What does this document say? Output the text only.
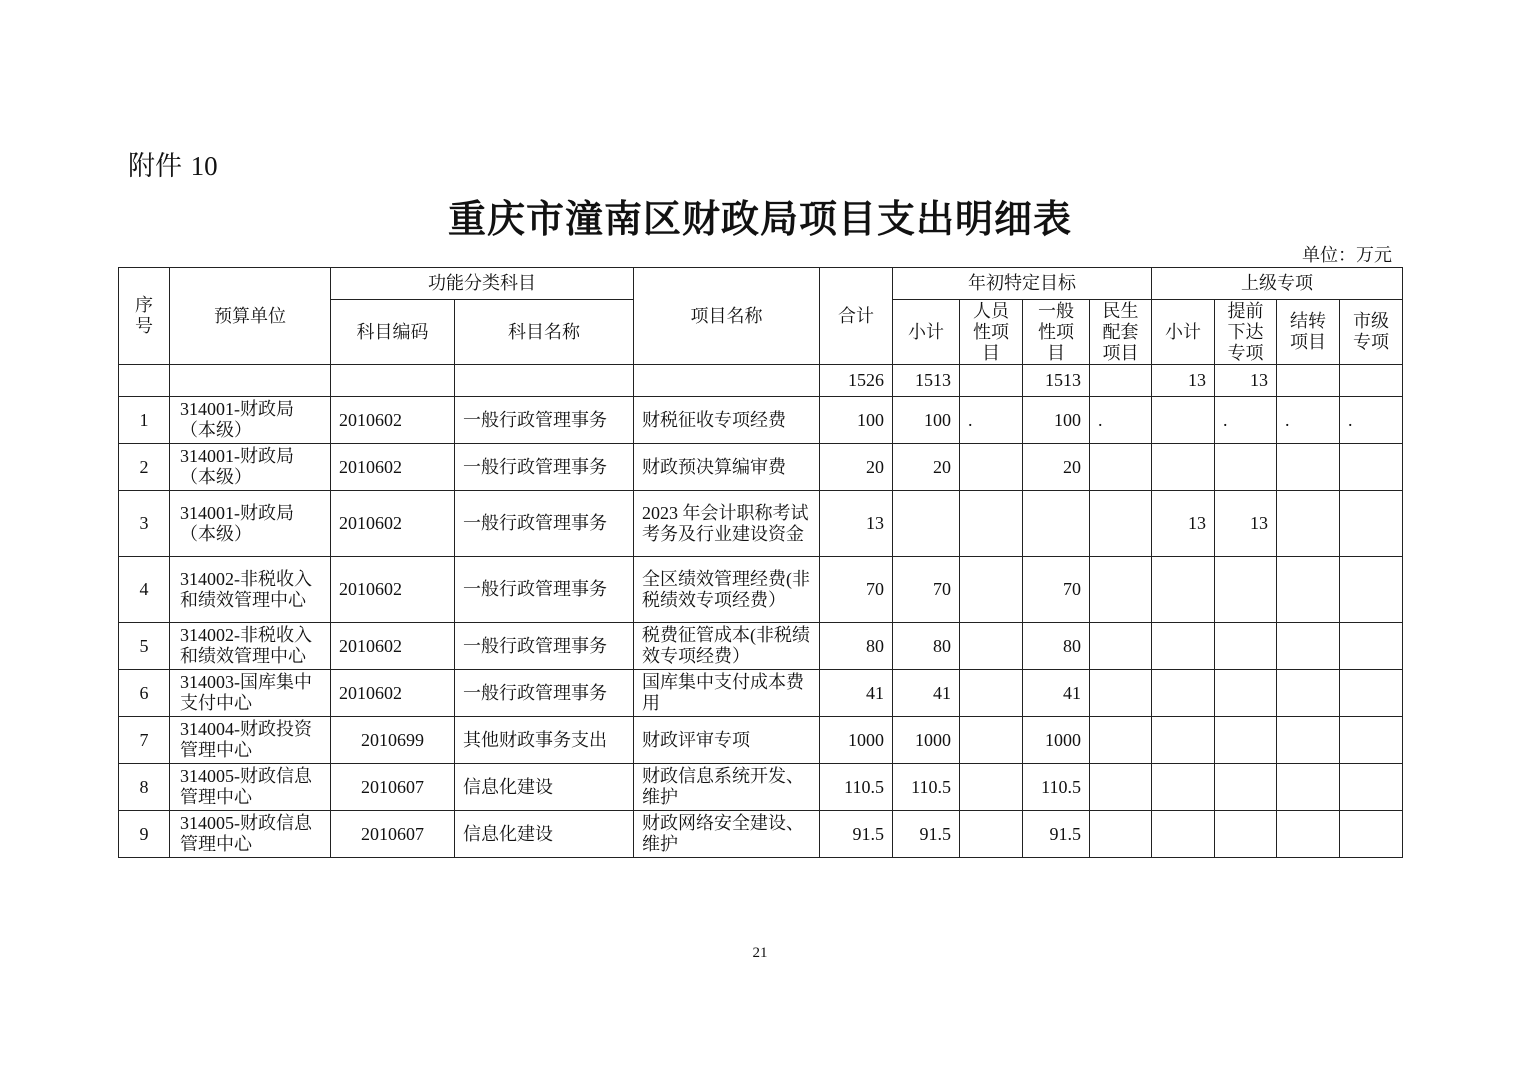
附件 10
重庆市潼南区财政局项目支出明细表
单位：万元
序号	预算单位	功能分类科目		项目名称	合计	年初特定目标				上级专项			
		科目编码	科目名称			小计	人员性项目	一般性项目	民生配套项目	小计	提前下达专项	结转项目	市级专项
					1526	1513		1513		13	13		
1	314001-财政局（本级）	2010602	一般行政管理事务	财税征收专项经费	100	100	.	100	.		.	.	.
2	314001-财政局（本级）	2010602	一般行政管理事务	财政预决算编审费	20	20		20					
3	314001-财政局（本级）	2010602	一般行政管理事务	2023 年会计职称考试考务及行业建设资金	13					13	13		
4	314002-非税收入和绩效管理中心	2010602	一般行政管理事务	全区绩效管理经费(非税绩效专项经费）	70	70		70					
5	314002-非税收入和绩效管理中心	2010602	一般行政管理事务	税费征管成本(非税绩效专项经费）	80	80		80					
6	314003-国库集中支付中心	2010602	一般行政管理事务	国库集中支付成本费用	41	41		41					
7	314004-财政投资管理中心	2010699	其他财政事务支出	财政评审专项	1000	1000		1000					
8	314005-财政信息管理中心	2010607	信息化建设	财政信息系统开发、维护	110.5	110.5		110.5					
9	314005-财政信息管理中心	2010607	信息化建设	财政网络安全建设、维护	91.5	91.5		91.5					
21
